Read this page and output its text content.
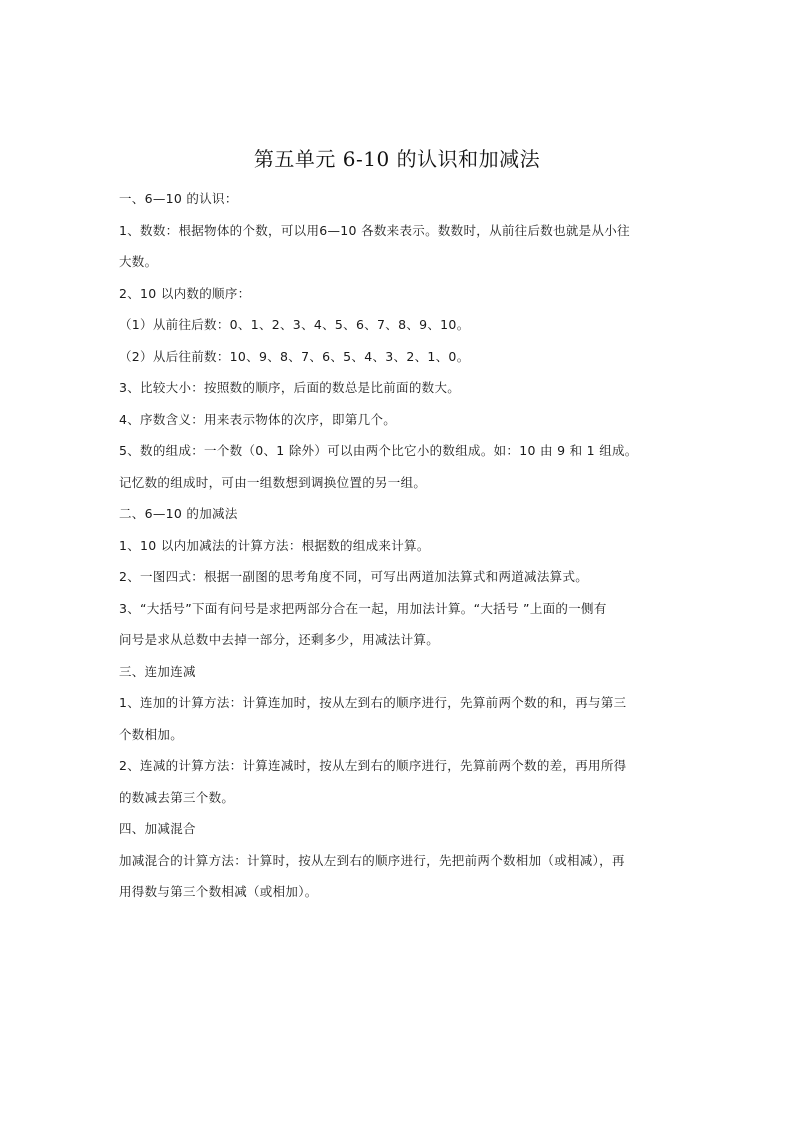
第五单元 6-10 的认识和加减法
一、6—10 的认识：
1、数数：根据物体的个数，可以用6—10 各数来表示。数数时，从前往后数也就是从小往
大数。
2、10 以内数的顺序：
（1）从前往后数：0、1、2、3、4、5、6、7、8、9、10。
（2）从后往前数：10、9、8、7、6、5、4、3、2、1、0。
3、比较大小：按照数的顺序，后面的数总是比前面的数大。
4、序数含义：用来表示物体的次序，即第几个。
5、数的组成：一个数（0、1 除外）可以由两个比它小的数组成。如：10 由 9 和 1 组成。
记忆数的组成时，可由一组数想到调换位置的另一组。
二、6—10 的加减法
1、10 以内加减法的计算方法：根据数的组成来计算。
2、一图四式：根据一副图的思考角度不同，可写出两道加法算式和两道减法算式。
3、“大括号”下面有问号是求把两部分合在一起，用加法计算。“大括号 ”上面的一侧有
问号是求从总数中去掉一部分，还剩多少，用减法计算。
三、连加连减
1、连加的计算方法：计算连加时，按从左到右的顺序进行，先算前两个数的和，再与第三
个数相加。
2、连减的计算方法：计算连减时，按从左到右的顺序进行，先算前两个数的差，再用所得
的数减去第三个数。
四、加减混合
加减混合的计算方法：计算时，按从左到右的顺序进行，先把前两个数相加（或相减），再
用得数与第三个数相减（或相加）。
